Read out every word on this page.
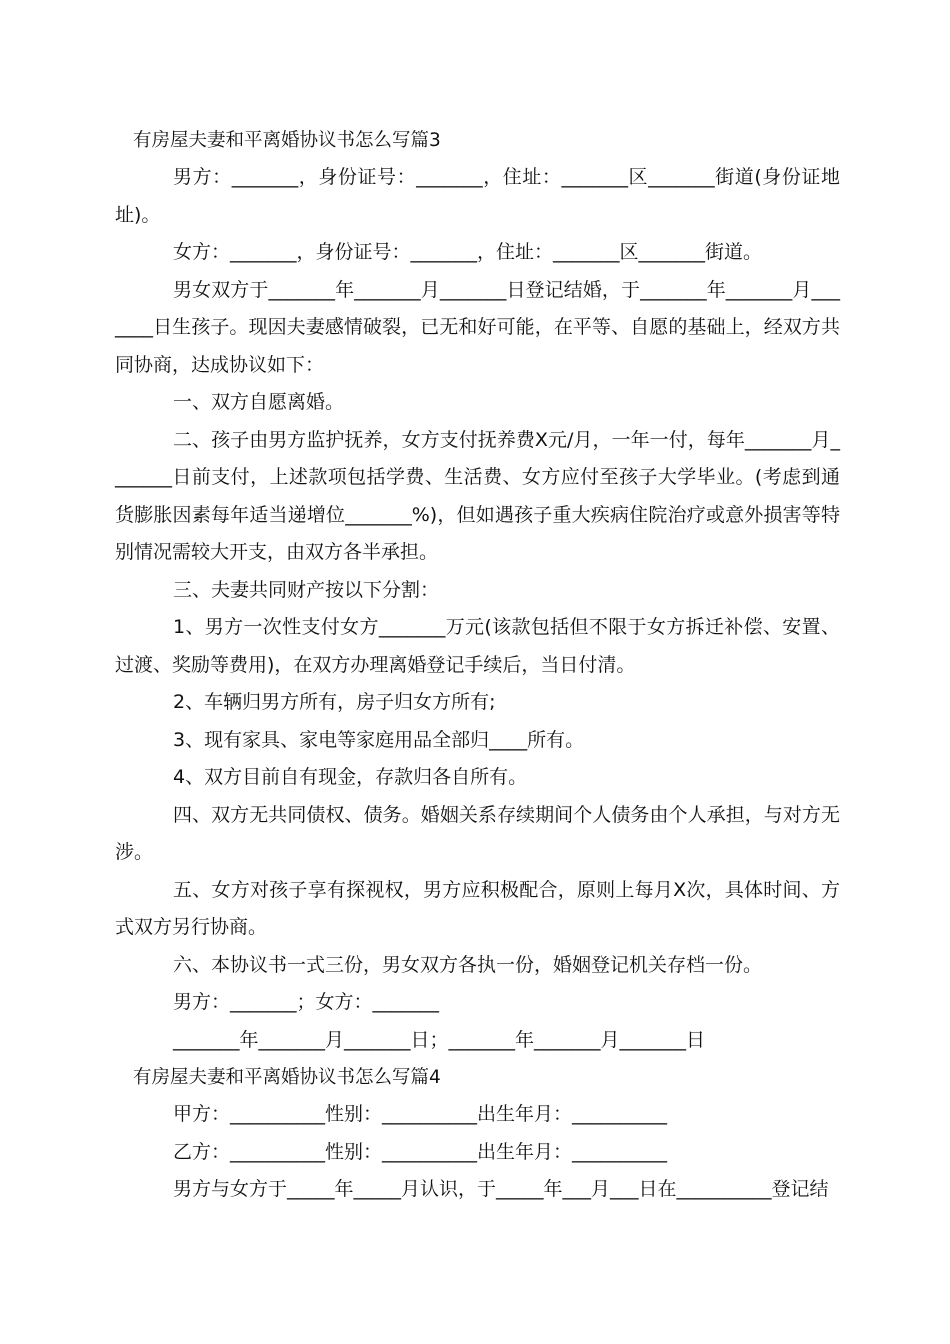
有房屋夫妻和平离婚协议书怎么写篇3

男方：_______，身份证号：_______，住址：_______区_______街道(身份证地址)。

女方：_______，身份证号：_______，住址：_______区_______街道。

男女双方于_______年_______月_______日登记结婚，于_______年_______月_______日生孩子。现因夫妻感情破裂，已无和好可能，在平等、自愿的基础上，经双方共同协商，达成协议如下：

一、双方自愿离婚。

二、孩子由男方监护抚养，女方支付抚养费X元/月，一年一付，每年_______月_______日前支付，上述款项包括学费、生活费、女方应付至孩子大学毕业。(考虑到通货膨胀因素每年适当递增位_______%)，但如遇孩子重大疾病住院治疗或意外损害等特别情况需较大开支，由双方各半承担。

三、夫妻共同财产按以下分割：

1、男方一次性支付女方_______万元(该款包括但不限于女方拆迁补偿、安置、过渡、奖励等费用)，在双方办理离婚登记手续后，当日付清。

2、车辆归男方所有，房子归女方所有;

3、现有家具、家电等家庭用品全部归____所有。

4、双方目前自有现金，存款归各自所有。

四、双方无共同债权、债务。婚姻关系存续期间个人债务由个人承担，与对方无涉。

五、女方对孩子享有探视权，男方应积极配合，原则上每月X次，具体时间、方式双方另行协商。

六、本协议书一式三份，男女双方各执一份，婚姻登记机关存档一份。

男方：_______；女方：_______

_______年_______月_______日；_______年_______月_______日

有房屋夫妻和平离婚协议书怎么写篇4

甲方：__________性别：__________出生年月：__________

乙方：__________性别：__________出生年月：__________

男方与女方于_____年_____月认识，于_____年___月___日在__________登记结
